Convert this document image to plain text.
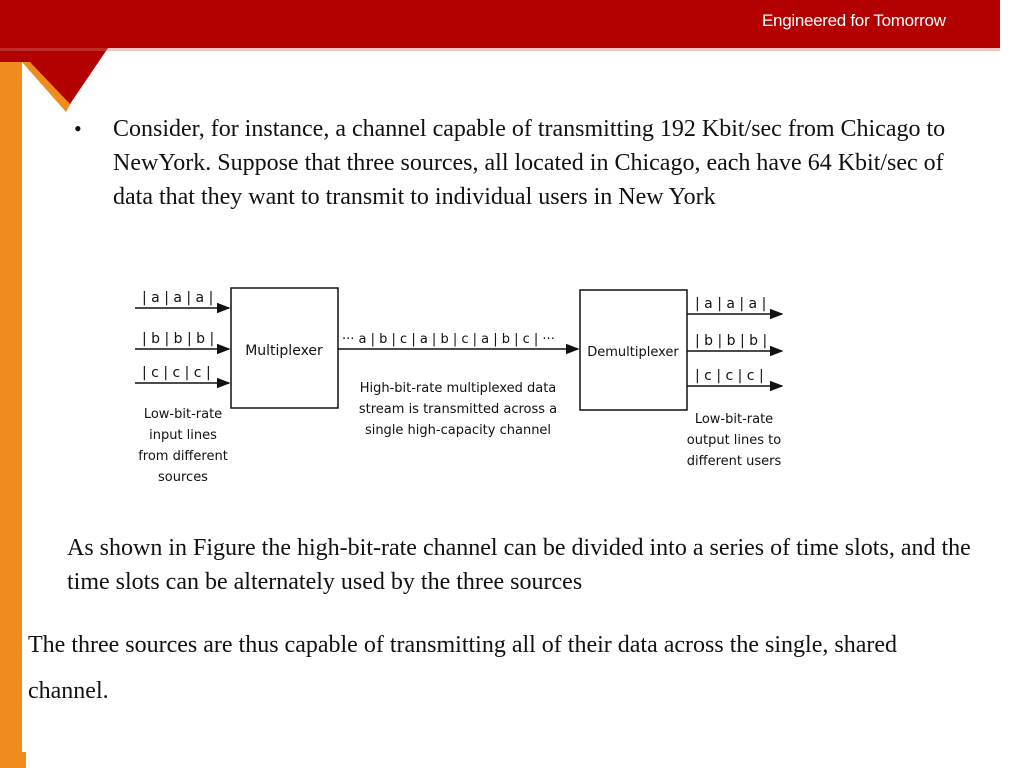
Engineered for Tomorrow
• Consider, for instance, a channel capable of transmitting 192 Kbit/sec from Chicago to NewYork. Suppose that three sources, all located in Chicago, each have 64 Kbit/sec of data that they want to transmit to individual users in New York
| a | a | a |
| b | b | b |
| c | c | c |
Multiplexer
··· a | b | c | a | b | c | a | b | c | ···
Demultiplexer
| a | a | a |
| b | b | b |
| c | c | c |
Low-bit-rate
input lines
from different
sources
High-bit-rate multiplexed data
stream is transmitted across a
single high-capacity channel
Low-bit-rate
output lines to
different users
As shown in Figure the high-bit-rate channel can be divided into a series of time slots, and the time slots can be alternately used by the three sources
The three sources are thus capable of transmitting all of their data across the single, shared channel.
